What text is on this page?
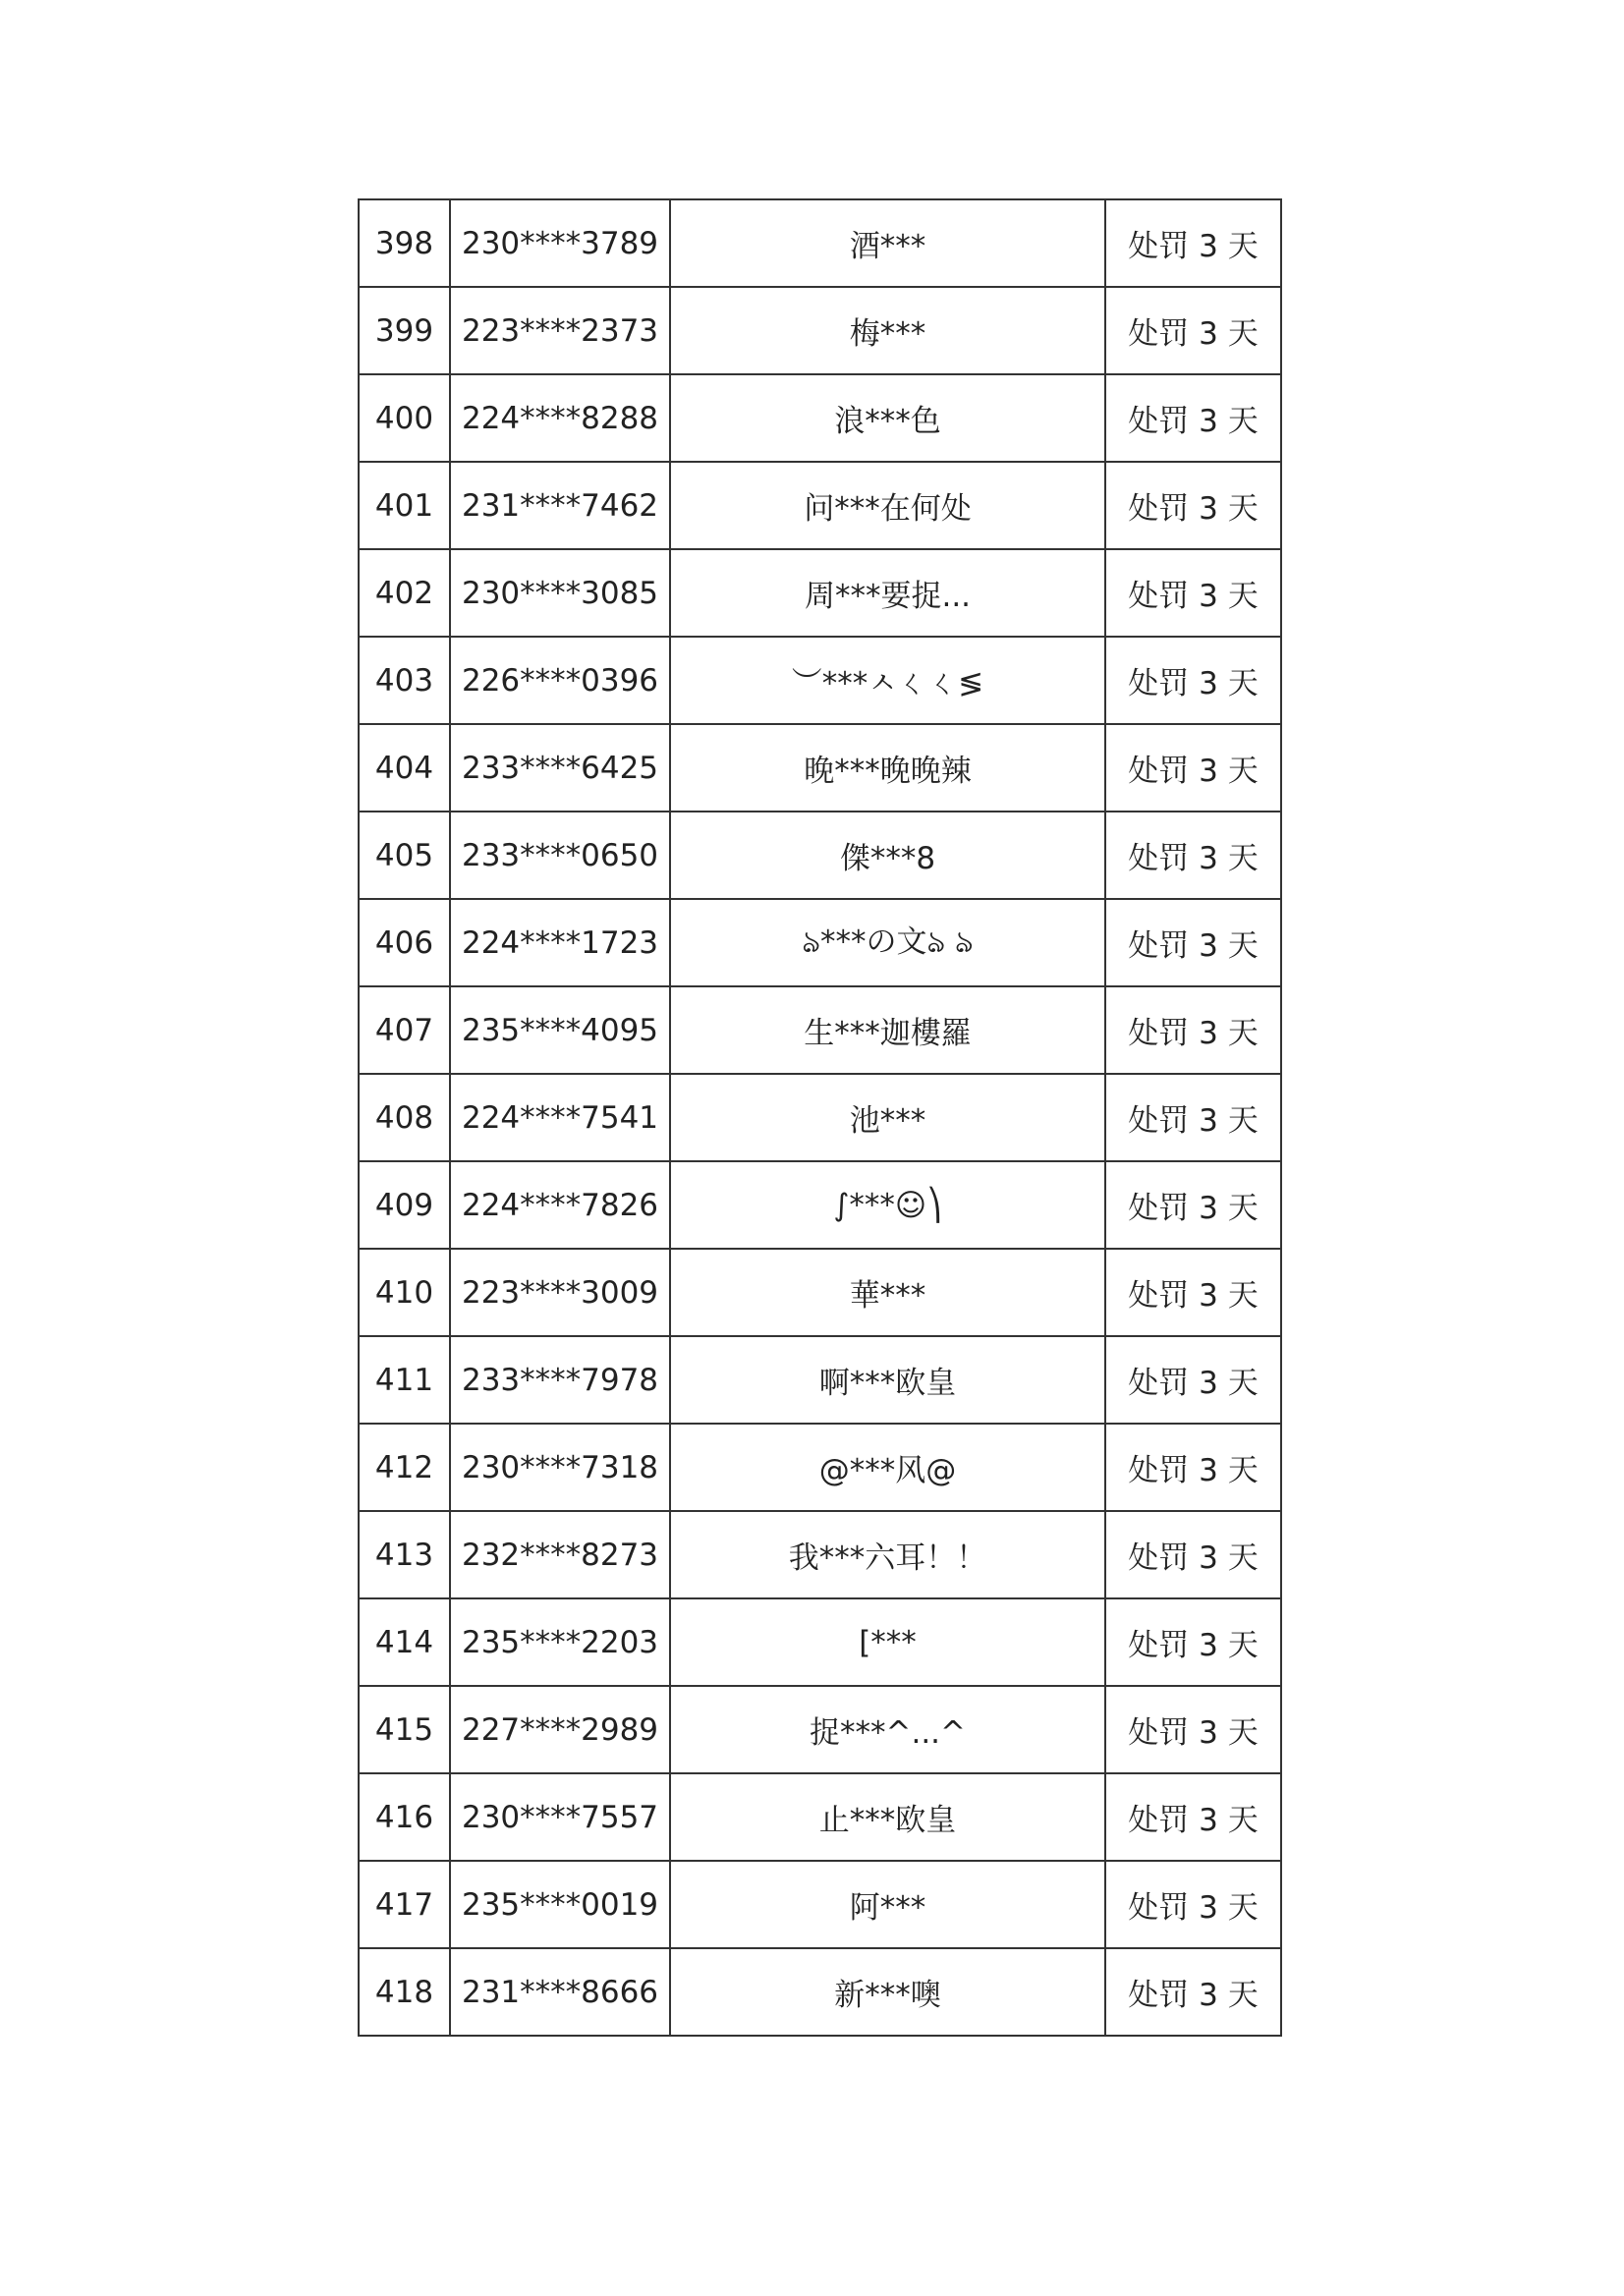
398	230****3789	酒***	处罚 3 天
399	223****2373	梅***	处罚 3 天
400	224****8288	浪***色	处罚 3 天
401	231****7462	问***在何处	处罚 3 天
402	230****3085	周***要捉...	处罚 3 天
403	226****0396	︶***ㅅㄑㄑ≶	处罚 3 天
404	233****6425	晚***晚晚辣	处罚 3 天
405	233****0650	傑***8	处罚 3 天
406	224****1723	ঌ***の文ঌ ঌ	处罚 3 天
407	235****4095	生***迦樓羅	处罚 3 天
408	224****7541	池***	处罚 3 天
409	224****7826	∫***☺⎞	处罚 3 天
410	223****3009	華***	处罚 3 天
411	233****7978	啊***欧皇	处罚 3 天
412	230****7318	@***风@	处罚 3 天
413	232****8273	我***六耳！！	处罚 3 天
414	235****2203	[***	处罚 3 天
415	227****2989	捉***^...^	处罚 3 天
416	230****7557	止***欧皇	处罚 3 天
417	235****0019	阿***	处罚 3 天
418	231****8666	新***噢	处罚 3 天
